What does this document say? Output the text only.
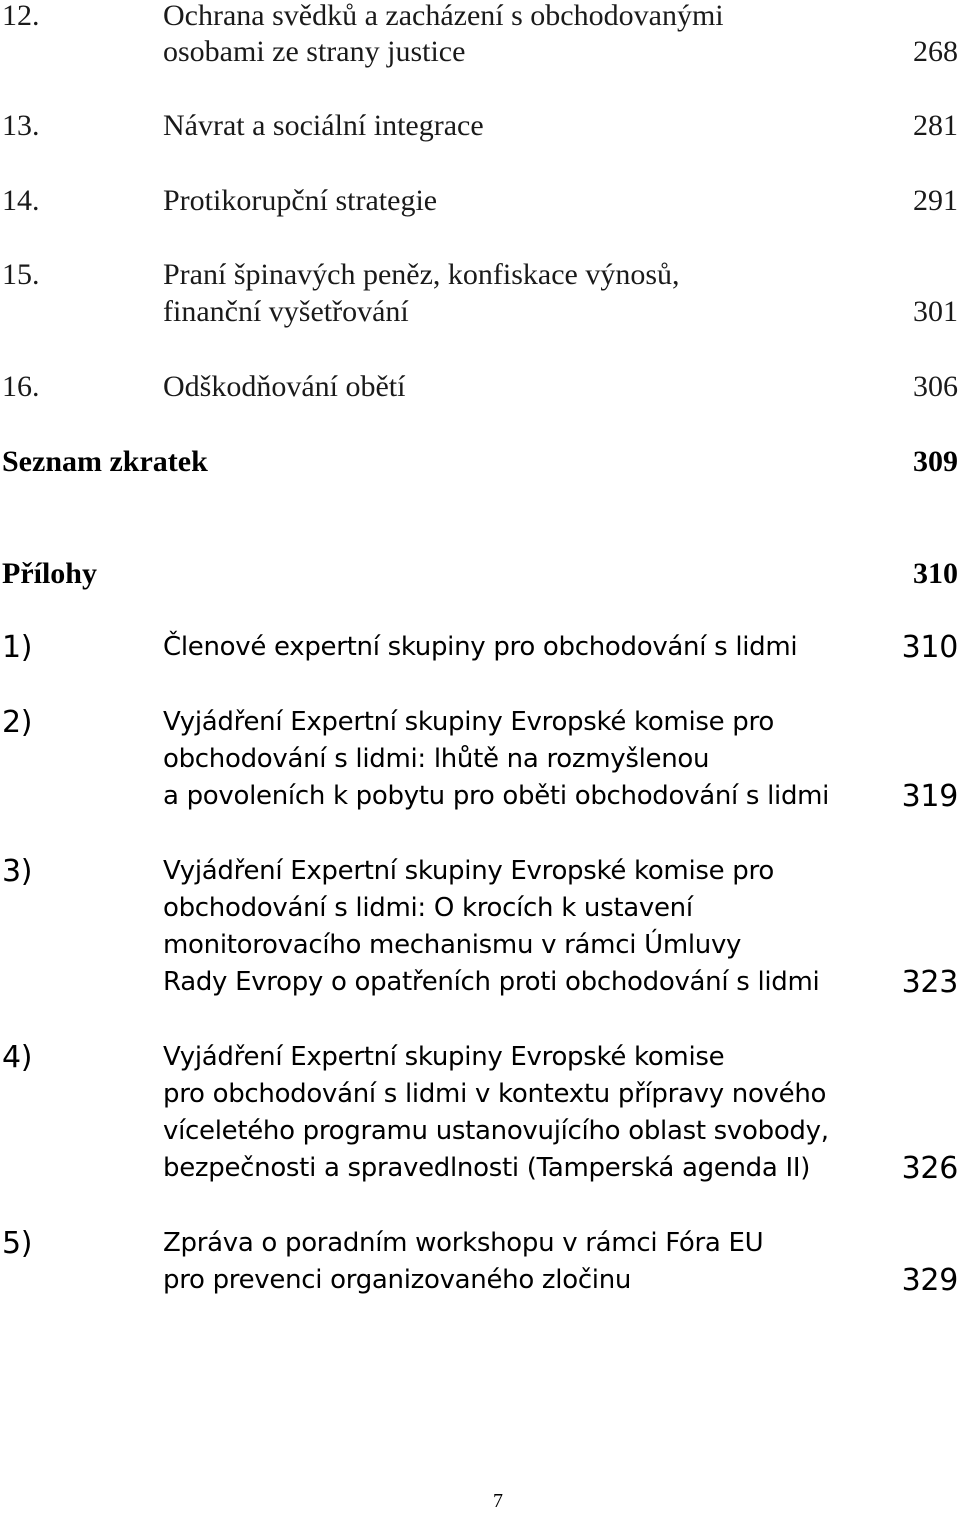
12.	Ochrana svědků a zacházení s obchodovanými
osobami ze strany justice	268
13.	Návrat a sociální integrace	281
14.	Protikorupční strategie	291
15.	Praní špinavých peněz, konfiskace výnosů,
finanční vyšetřování	301
16.	Odškodňování obětí	306
Seznam zkratek	309
Přílohy	310
1)	Členové expertní skupiny pro obchodování s lidmi	310
2)	Vyjádření Expertní skupiny Evropské komise pro
obchodování s lidmi: lhůtě na rozmyšlenou
a povoleních k pobytu pro oběti obchodování s lidmi 319
3)	Vyjádření Expertní skupiny Evropské komise pro
obchodování s lidmi: O krocích k ustavení
monitorovacího mechanismu v rámci Úmluvy
Rady Evropy o opatřeních proti obchodování s lidmi	323
4)	Vyjádření Expertní skupiny Evropské komise
pro obchodování s lidmi v kontextu přípravy nového
víceletého programu ustanovujícího oblast svobody,
bezpečnosti a spravedlnosti (Tamperská agenda II)	326
5)	Zpráva o poradním workshopu v rámci Fóra EU
pro prevenci organizovaného zločinu	329
7
